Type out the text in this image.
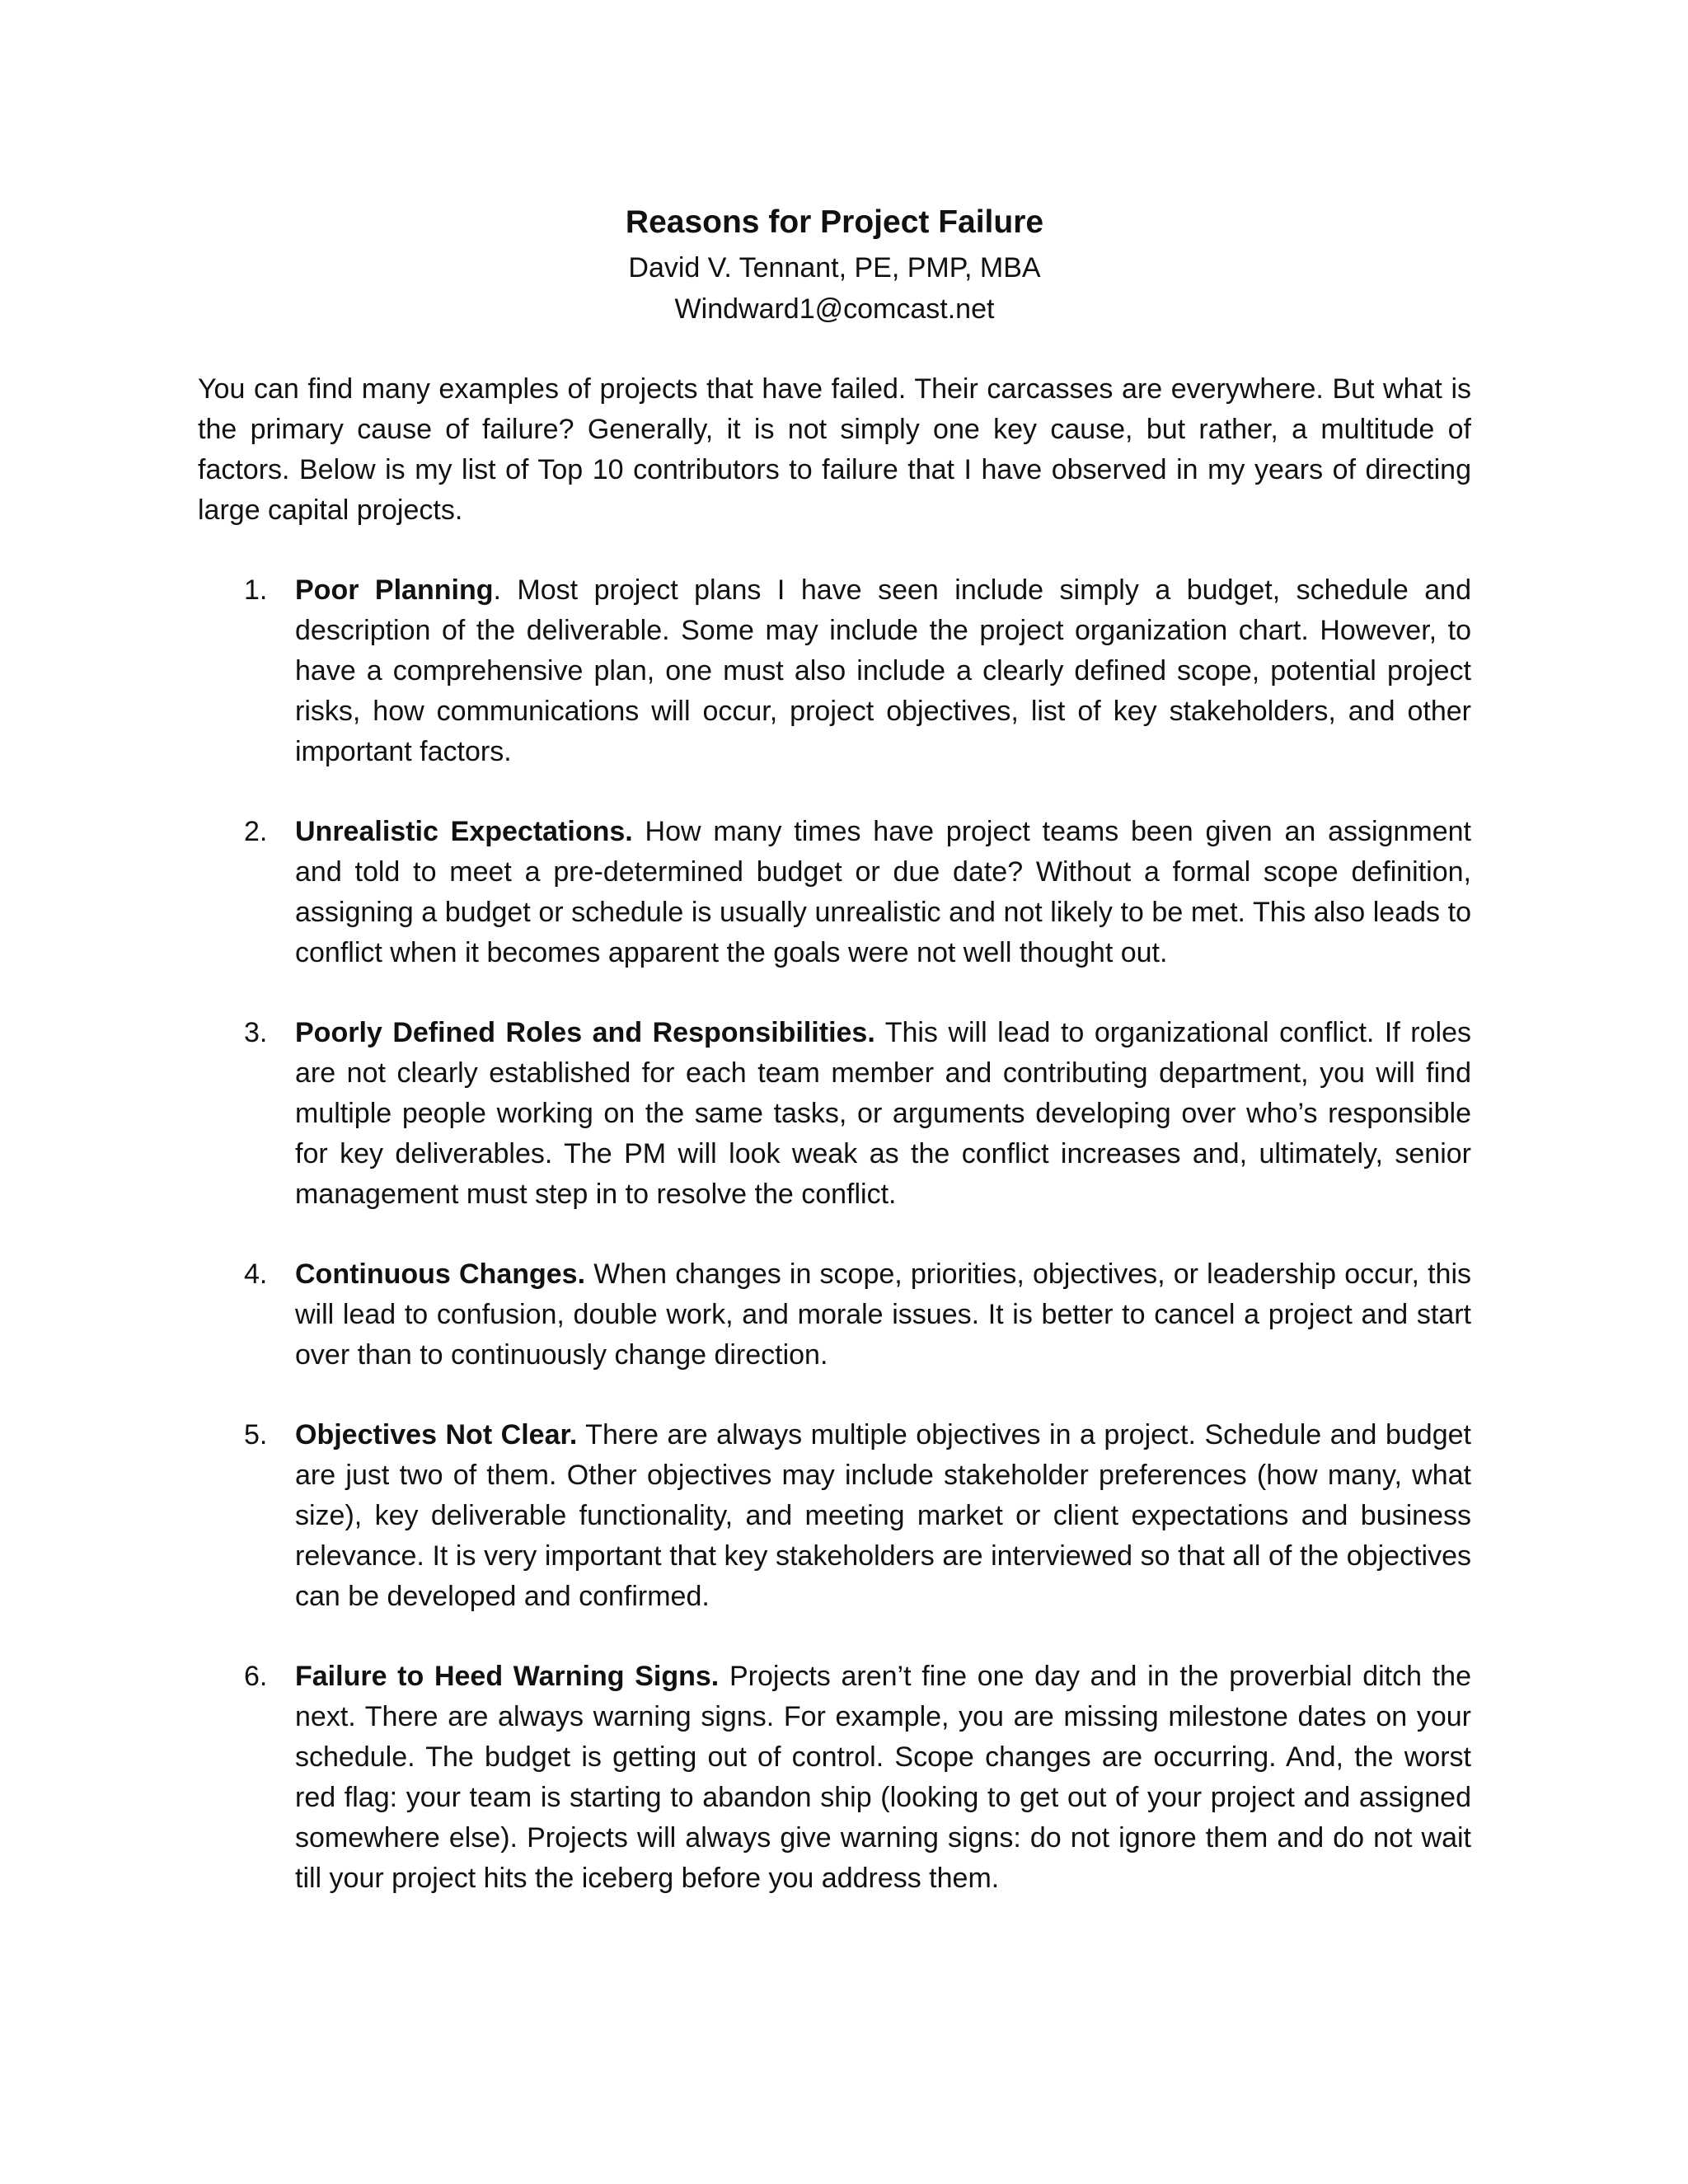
Reasons for Project Failure
David V. Tennant, PE, PMP, MBA
Windward1@comcast.net

You can find many examples of projects that have failed. Their carcasses are everywhere. But what is the primary cause of failure? Generally, it is not simply one key cause, but rather, a multitude of factors. Below is my list of Top 10 contributors to failure that I have observed in my years of directing large capital projects.

1. Poor Planning. Most project plans I have seen include simply a budget, schedule and description of the deliverable. Some may include the project organization chart. However, to have a comprehensive plan, one must also include a clearly defined scope, potential project risks, how communications will occur, project objectives, list of key stakeholders, and other important factors.
2. Unrealistic Expectations. How many times have project teams been given an assignment and told to meet a pre-determined budget or due date? Without a formal scope definition, assigning a budget or schedule is usually unrealistic and not likely to be met. This also leads to conflict when it becomes apparent the goals were not well thought out.
3. Poorly Defined Roles and Responsibilities. This will lead to organizational conflict. If roles are not clearly established for each team member and contributing department, you will find multiple people working on the same tasks, or arguments developing over who’s responsible for key deliverables. The PM will look weak as the conflict increases and, ultimately, senior management must step in to resolve the conflict.
4. Continuous Changes. When changes in scope, priorities, objectives, or leadership occur, this will lead to confusion, double work, and morale issues. It is better to cancel a project and start over than to continuously change direction.
5. Objectives Not Clear. There are always multiple objectives in a project. Schedule and budget are just two of them. Other objectives may include stakeholder preferences (how many, what size), key deliverable functionality, and meeting market or client expectations and business relevance. It is very important that key stakeholders are interviewed so that all of the objectives can be developed and confirmed.
6. Failure to Heed Warning Signs. Projects aren’t fine one day and in the proverbial ditch the next. There are always warning signs. For example, you are missing milestone dates on your schedule. The budget is getting out of control. Scope changes are occurring. And, the worst red flag: your team is starting to abandon ship (looking to get out of your project and assigned somewhere else). Projects will always give warning signs: do not ignore them and do not wait till your project hits the iceberg before you address them.
